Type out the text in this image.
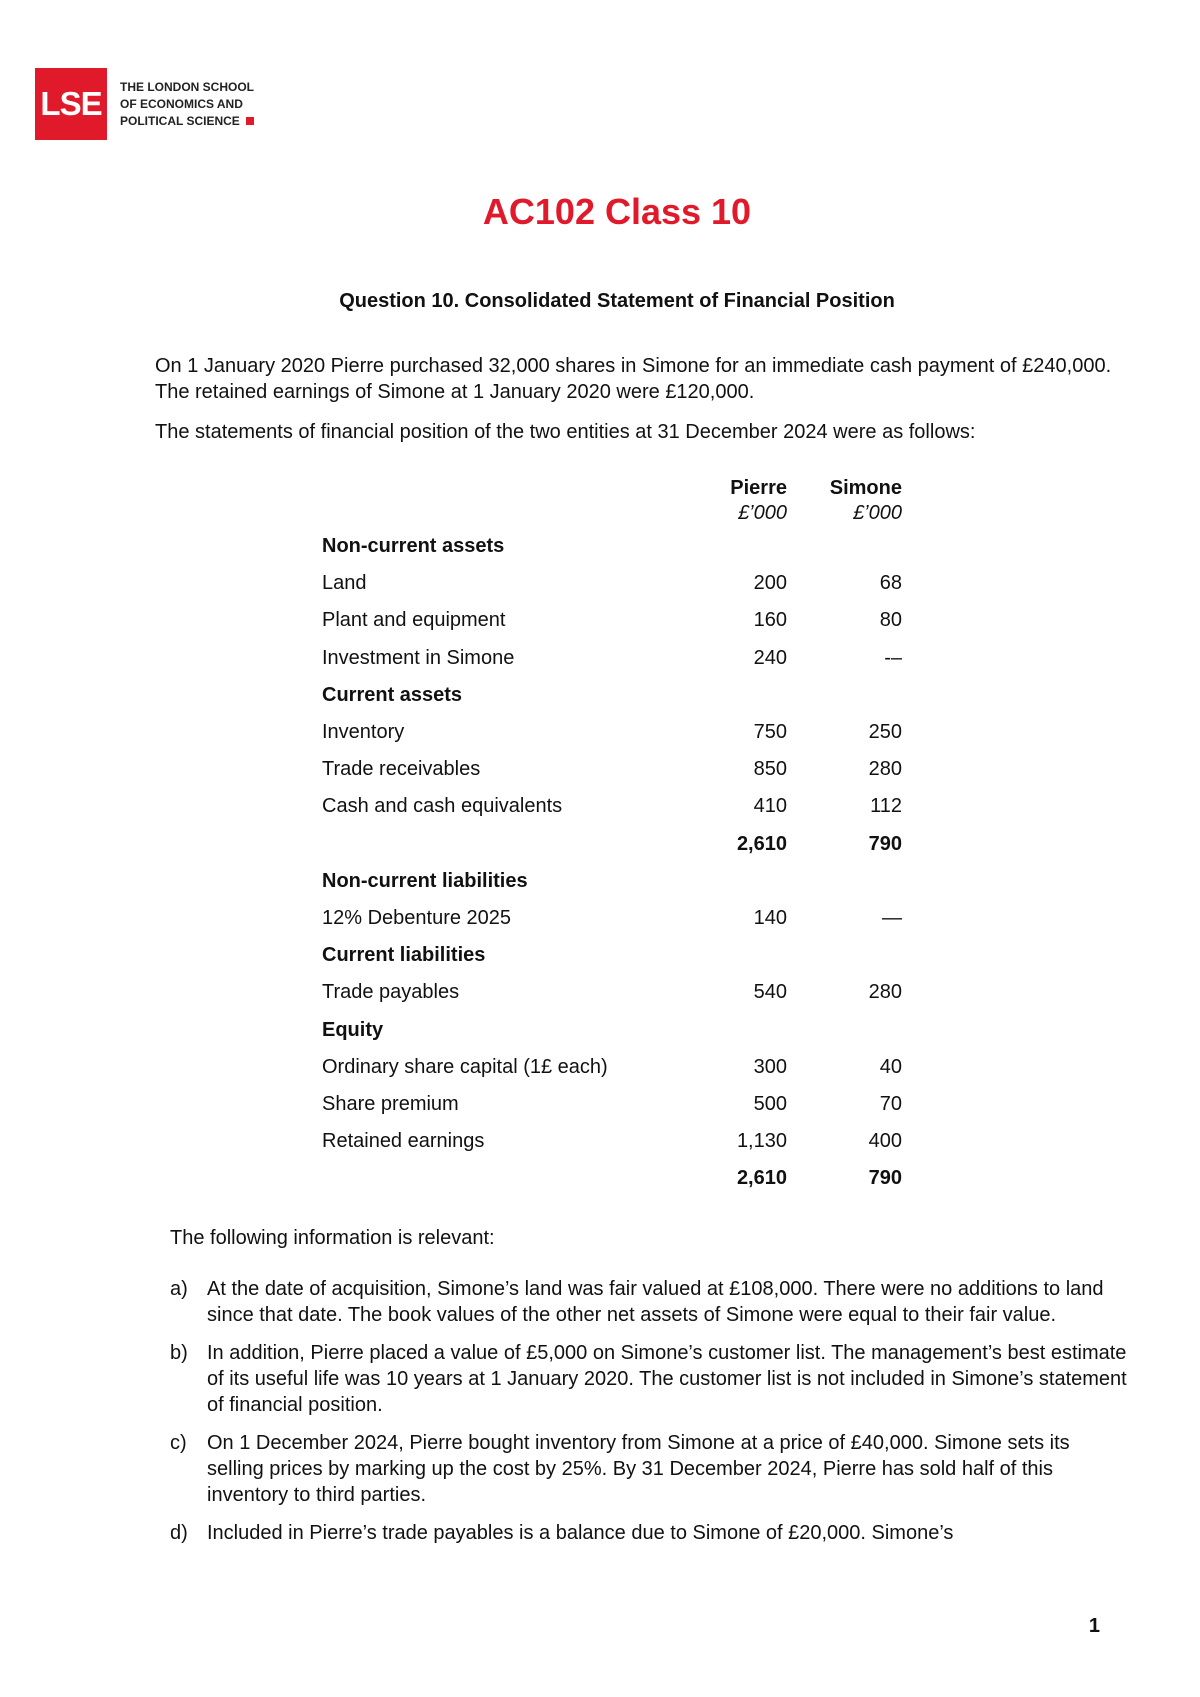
LSE THE LONDON SCHOOL
OF ECONOMICS AND
POLITICAL SCIENCE
AC102 Class 10
Question 10. Consolidated Statement of Financial Position

On 1 January 2020 Pierre purchased 32,000 shares in Simone for an immediate cash payment of £240,000. The retained earnings of Simone at 1 January 2020 were £120,000.

The statements of financial position of the two entities at 31 December 2024 were as follows:

	Pierre	Simone
	£’000	£’000
Non-current assets		
Land	200	68
Plant and equipment	160	80
Investment in Simone	240	-–
Current assets		
Inventory	750	250
Trade receivables	850	280
Cash and cash equivalents	410	112
	2,610	790
Non-current liabilities		
12% Debenture 2025	140	—
Current liabilities		
Trade payables	540	280
Equity		
Ordinary share capital (1£ each)	300	40
Share premium	500	70
Retained earnings	1,130	400
	2,610	790

The following information is relevant:

a) At the date of acquisition, Simone’s land was fair valued at £108,000. There were no additions to land since that date. The book values of the other net assets of Simone were equal to their fair value.
b) In addition, Pierre placed a value of £5,000 on Simone’s customer list. The management’s best estimate of its useful life was 10 years at 1 January 2020. The customer list is not included in Simone’s statement of financial position.
c)	On 1 December 2024, Pierre bought inventory from Simone at a price of £40,000. Simone sets its selling prices by marking up the cost by 25%. By 31 December 2024, Pierre has sold half of this inventory to third parties.
d) Included in Pierre’s trade payables is a balance due to Simone of £20,000. Simone’s
1
